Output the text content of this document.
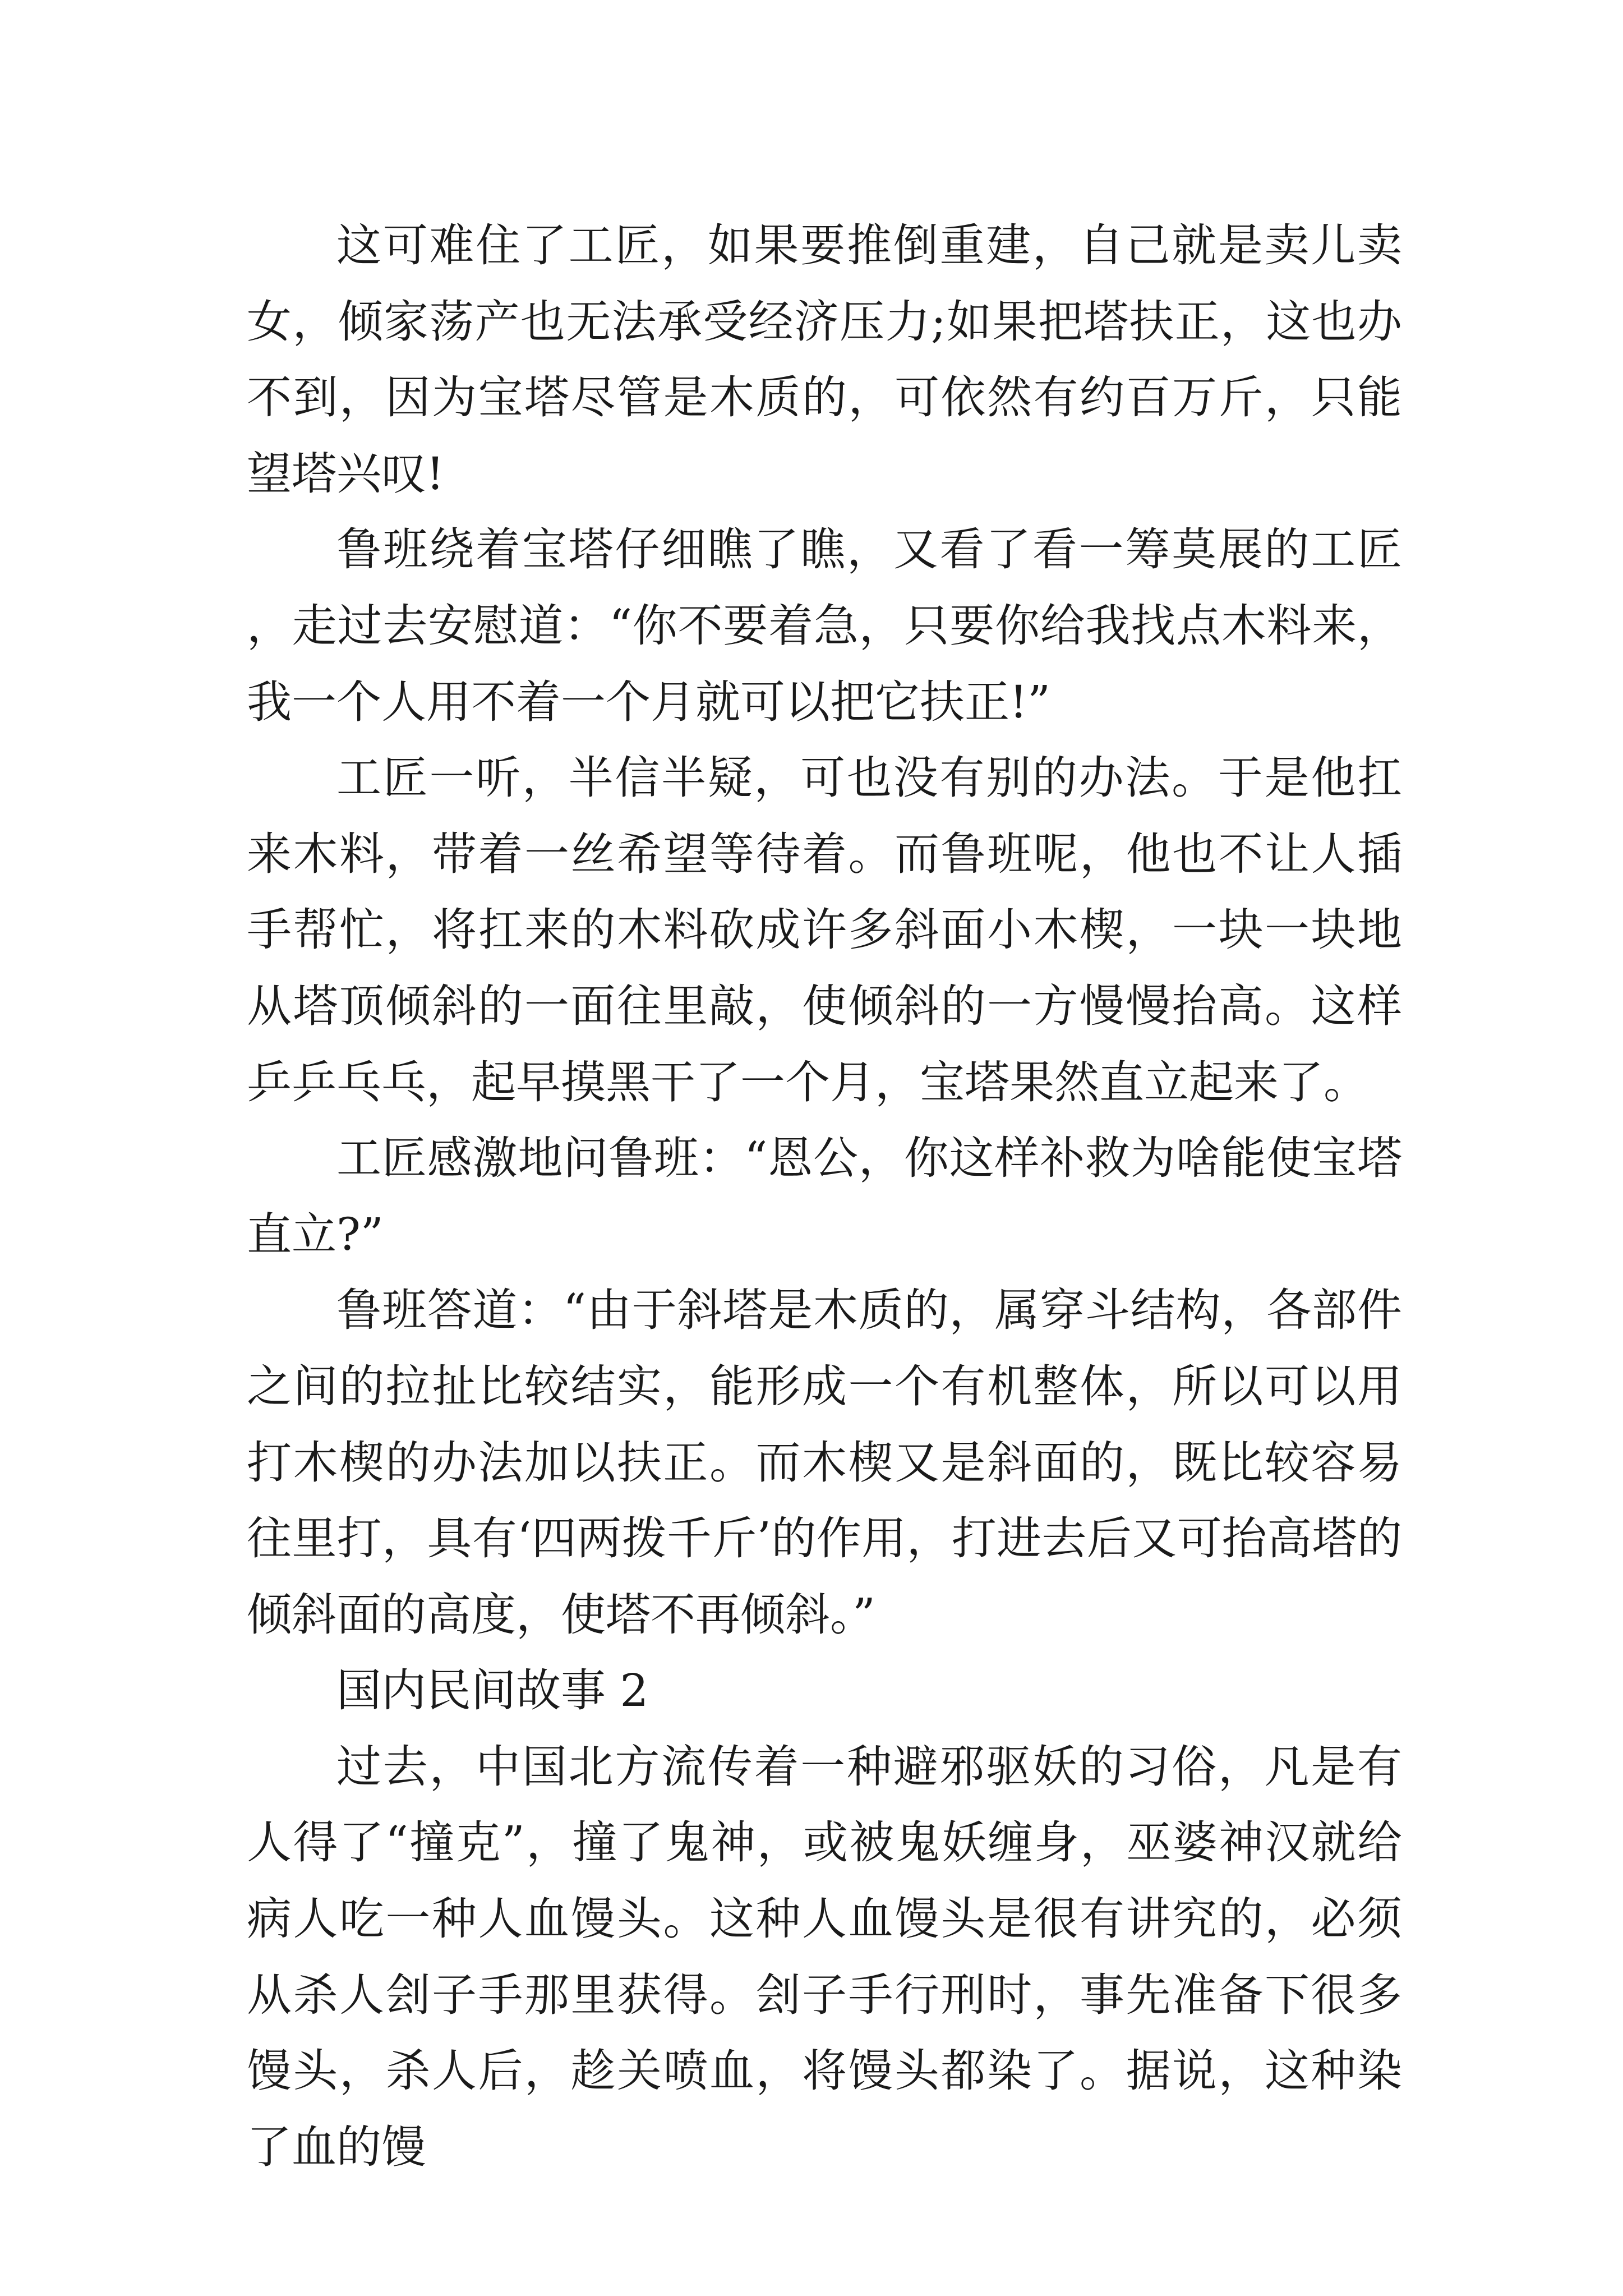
这可难住了工匠，如果要推倒重建，自己就是卖儿卖女，倾家荡产也无法承受经济压力;如果把塔扶正，这也办不到，因为宝塔尽管是木质的，可依然有约百万斤，只能望塔兴叹!

鲁班绕着宝塔仔细瞧了瞧，又看了看一筹莫展的工匠，走过去安慰道：“你不要着急，只要你给我找点木料来，我一个人用不着一个月就可以把它扶正!”

工匠一听，半信半疑，可也没有别的办法。于是他扛来木料，带着一丝希望等待着。而鲁班呢，他也不让人插手帮忙，将扛来的木料砍成许多斜面小木楔，一块一块地从塔顶倾斜的一面往里敲，使倾斜的一方慢慢抬高。这样乒乒乓乓，起早摸黑干了一个月，宝塔果然直立起来了。

工匠感激地问鲁班：“恩公，你这样补救为啥能使宝塔直立?”

鲁班答道：“由于斜塔是木质的，属穿斗结构，各部件之间的拉扯比较结实，能形成一个有机整体，所以可以用打木楔的办法加以扶正。而木楔又是斜面的，既比较容易往里打，具有‘四两拨千斤’的作用，打进去后又可抬高塔的倾斜面的高度，使塔不再倾斜。”

国内民间故事 2

过去，中国北方流传着一种避邪驱妖的习俗，凡是有人得了“撞克”，撞了鬼神，或被鬼妖缠身，巫婆神汉就给病人吃一种人血馒头。这种人血馒头是很有讲究的，必须从杀人刽子手那里获得。刽子手行刑时，事先准备下很多馒头，杀人后，趁关喷血，将馒头都染了。据说，这种染了血的馒
